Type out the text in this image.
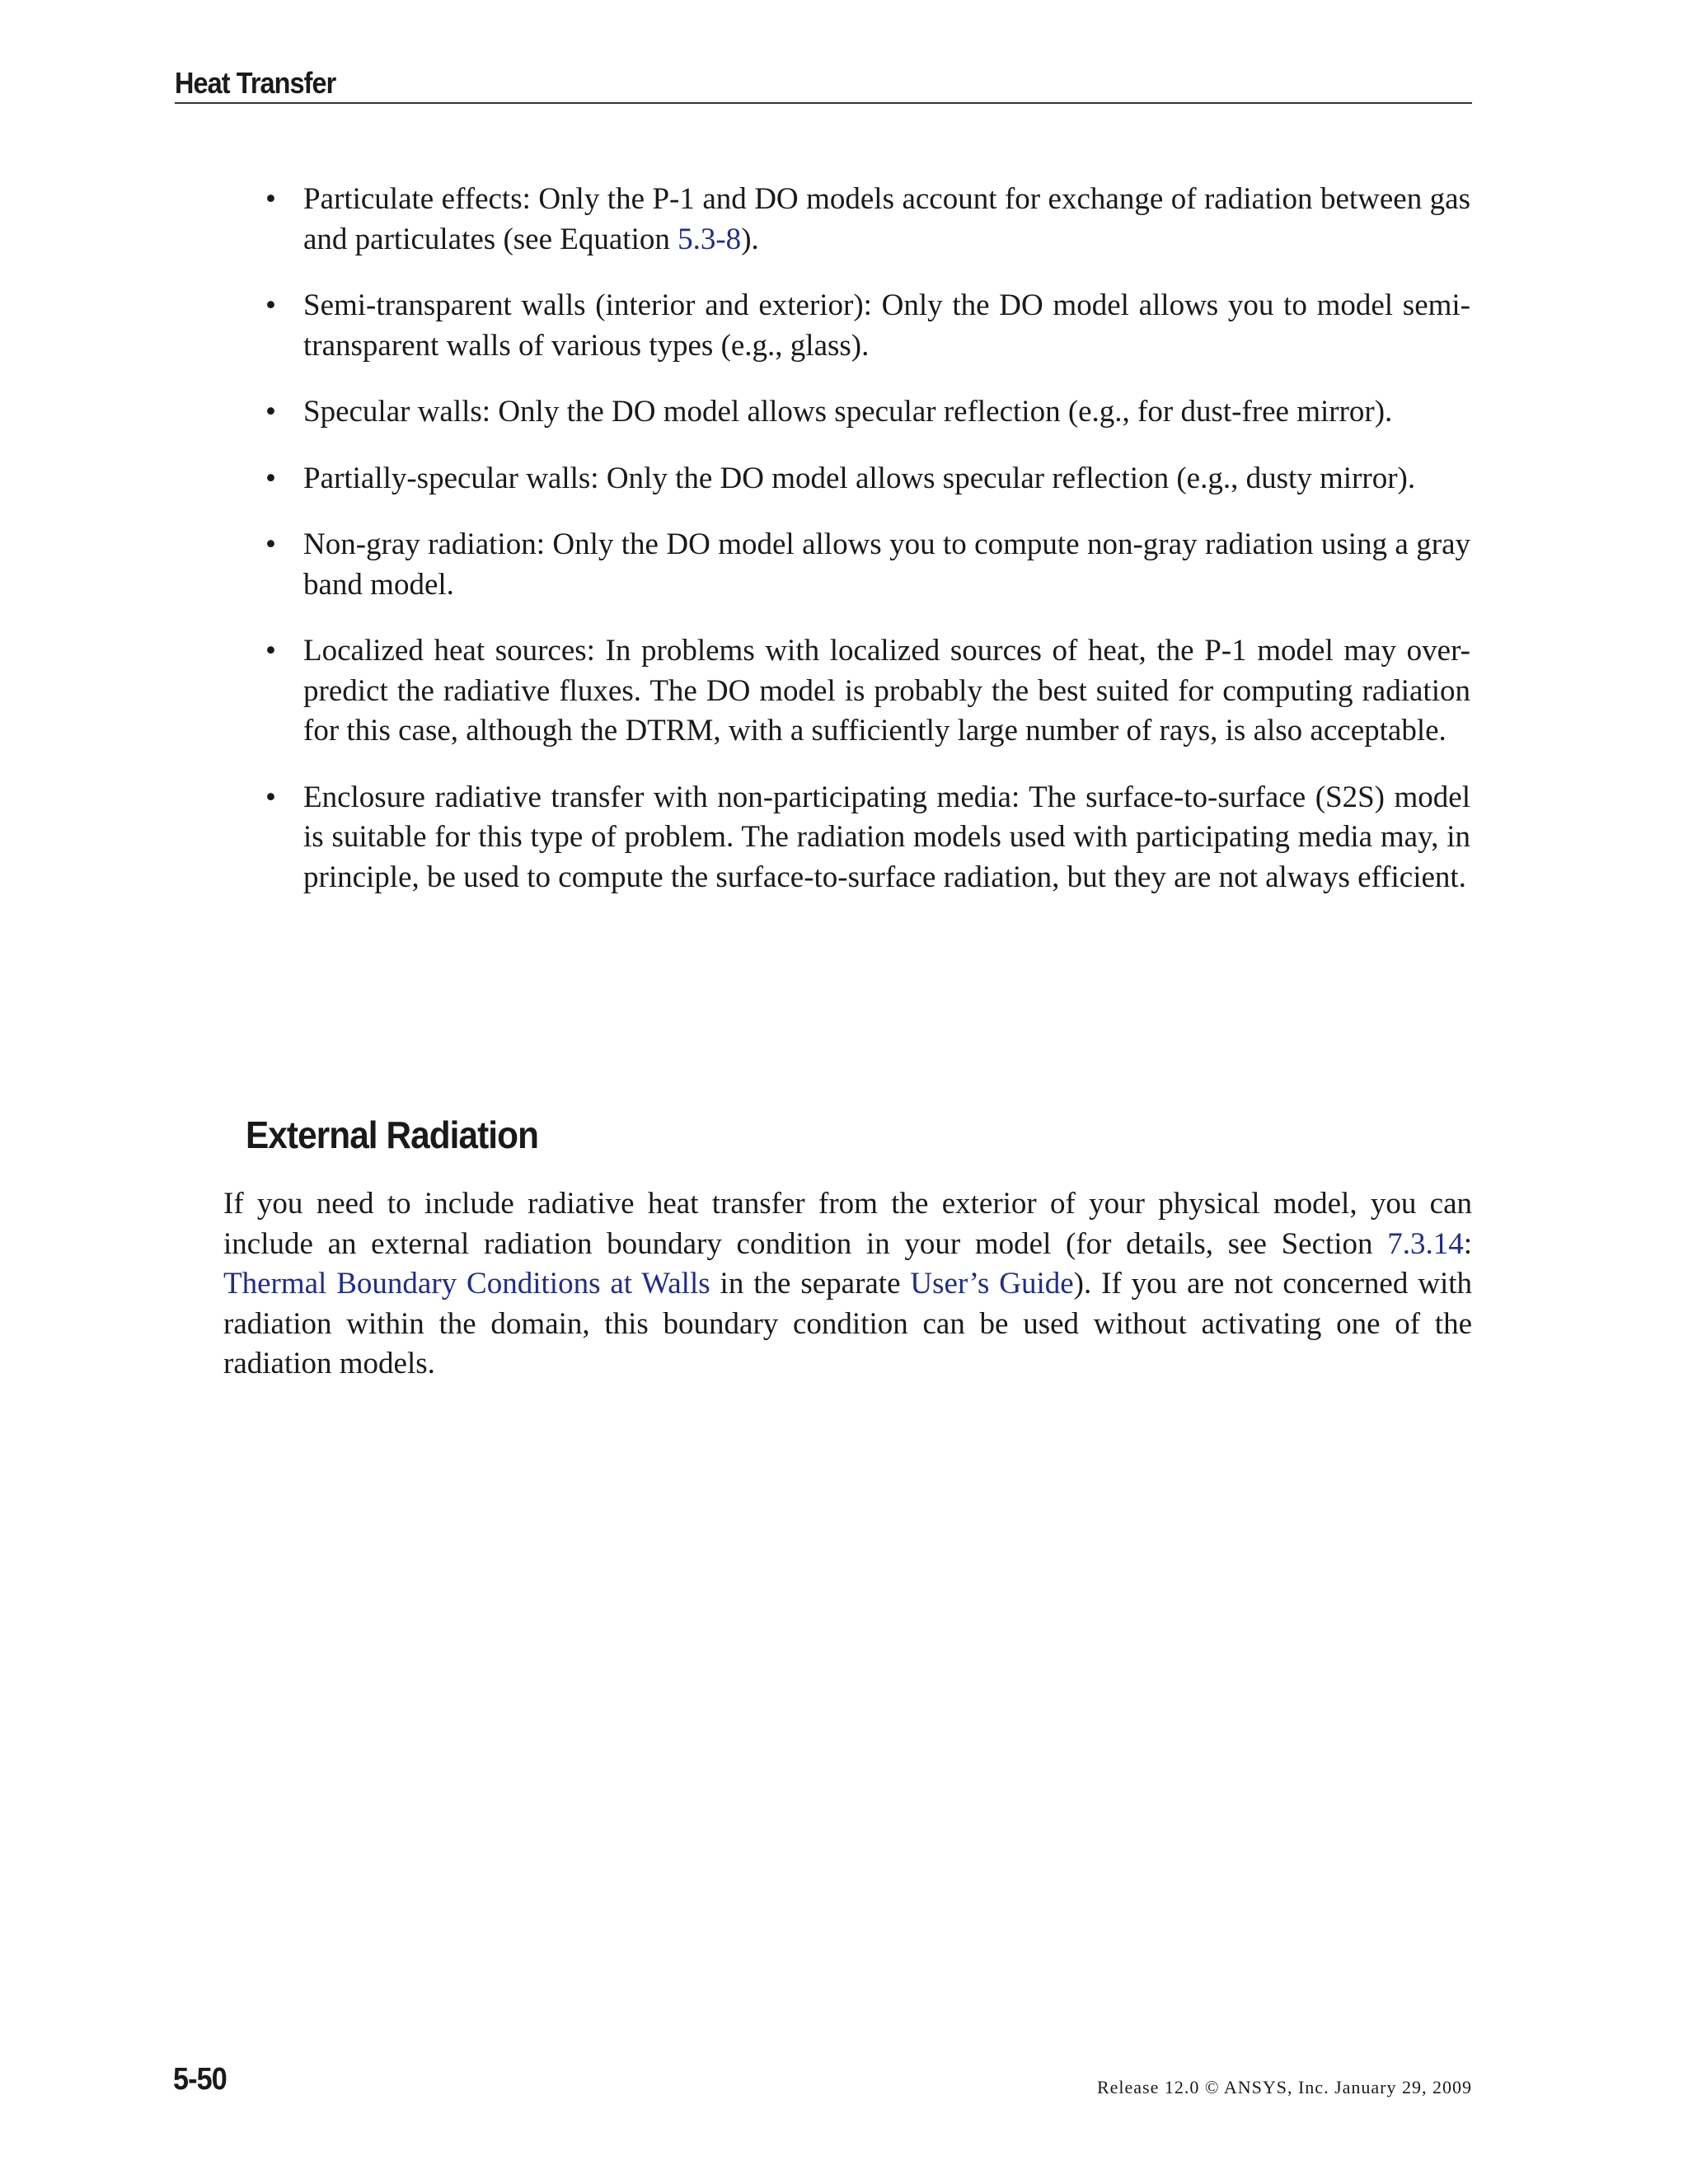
Heat Transfer
• Particulate effects: Only the P-1 and DO models account for exchange of radiation between gas and particulates (see Equation 5.3-8).
• Semi-transparent walls (interior and exterior): Only the DO model allows you to model semi-transparent walls of various types (e.g., glass).
• Specular walls: Only the DO model allows specular reflection (e.g., for dust-free mirror).
• Partially-specular walls: Only the DO model allows specular reflection (e.g., dusty mirror).
• Non-gray radiation: Only the DO model allows you to compute non-gray radiation using a gray band model.
• Localized heat sources: In problems with localized sources of heat, the P-1 model may over-predict the radiative fluxes. The DO model is probably the best suited for computing radiation for this case, although the DTRM, with a sufficiently large number of rays, is also acceptable.
• Enclosure radiative transfer with non-participating media: The surface-to-surface (S2S) model is suitable for this type of problem. The radiation models used with participating media may, in principle, be used to compute the surface-to-surface radiation, but they are not always efficient.
External Radiation

If you need to include radiative heat transfer from the exterior of your physical model, you can include an external radiation boundary condition in your model (for details, see Section 7.3.14: Thermal Boundary Conditions at Walls in the separate User’s Guide). If you are not concerned with radiation within the domain, this boundary condition can be used without activating one of the radiation models.

5-50	Release 12.0 © ANSYS, Inc. January 29, 2009
